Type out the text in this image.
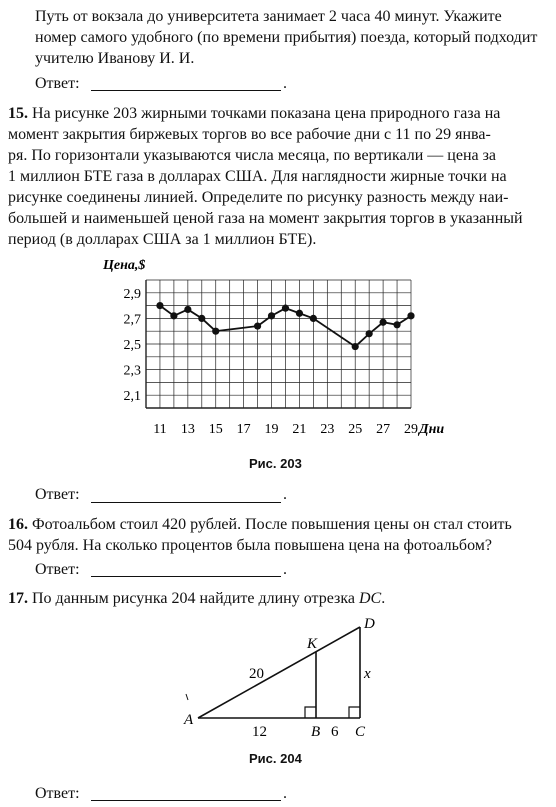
Путь от вокзала до университета занимает 2 часа 40 минут. Укажите
номер самого удобного (по времени прибытия) поезда, который подходит
учителю Иванову И. И.
Ответ:	.
15. На рисунке 203 жирными точками показана цена природного газа на
момент закрытия биржевых торгов во все рабочие дни с 11 по 29 янва-
ря. По горизонтали указываются числа месяца, по вертикали — цена за
1 миллион БТЕ газа в долларах США. Для наглядности жирные точки на
рисунке соединены линией. Определите по рисунку разность между наи-
большей и наименьшей ценой газа на момент закрытия торгов в указанный
период (в долларах США за 1 миллион БТЕ).
Цена,$
2,1
2,3
2,5
2,7
2,9
11 13 15 17 19 21 23 25 27 29 Дни
Рис. 203
Ответ:	.
16. Фотоальбом стоил 420 рублей. После повышения цены он стал стоить
504 рубля. На сколько процентов была повышена цена на фотоальбом?
Ответ:	.
17. По данным рисунка 204 найдите длину отрезка DC.
A
B C
D
K
20
12	6
x
Рис. 204
Ответ:	.
